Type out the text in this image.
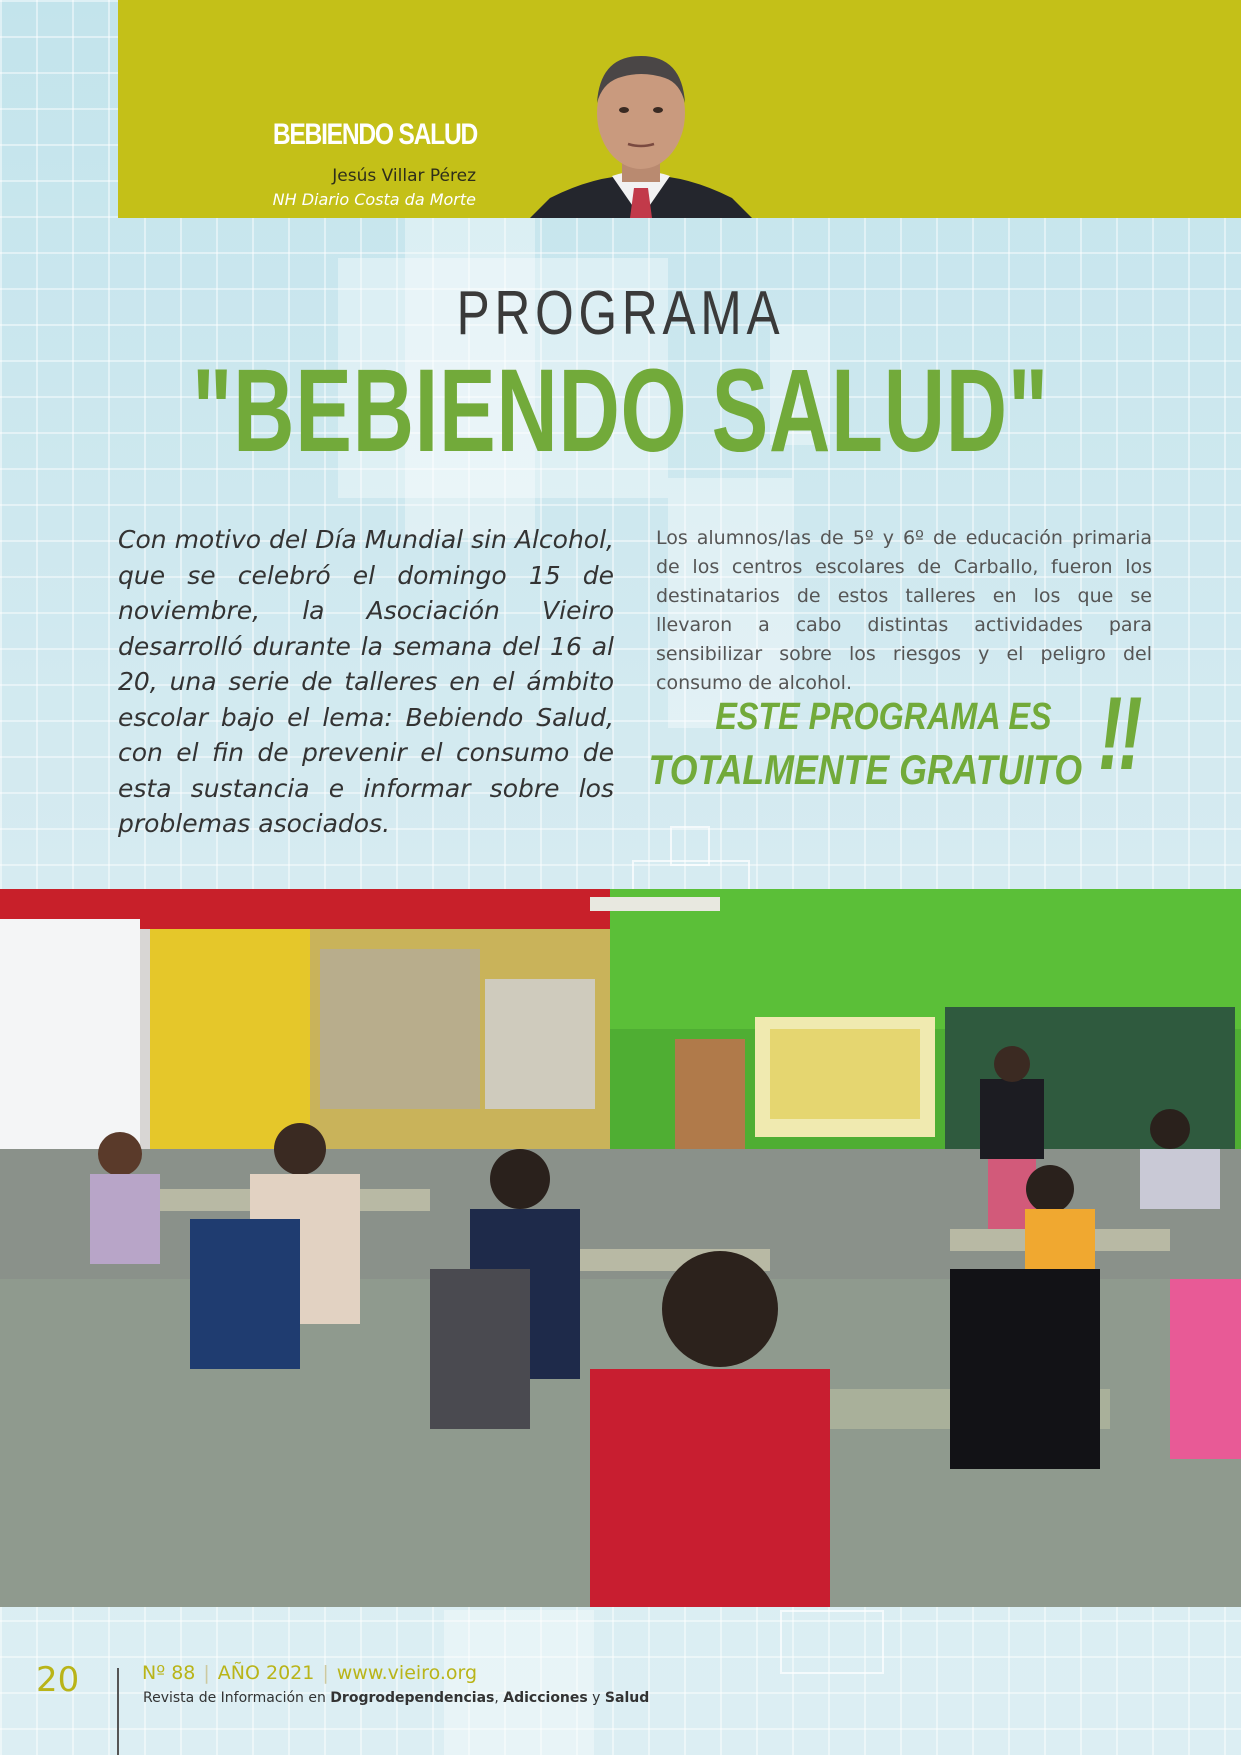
BEBIENDO SALUD
Jesús Villar Pérez
NH Diario Costa da Morte
PROGRAMA
"BEBIENDO SALUD"

Con motivo del Día Mundial sin Alcohol, que se celebró el domingo 15 de noviembre, la Asociación Vieiro desarrolló durante la semana del 16 al 20, una serie de talleres en el ámbito escolar bajo el lema: Bebiendo Salud, con el fin de prevenir el consumo de esta sustancia e informar sobre los problemas asociados.

Los alumnos/las de 5º y 6º de educación primaria de los centros escolares de Carballo, fueron los destinatarios de estos talleres en los que se llevaron a cabo distintas actividades para sensibilizar sobre los riesgos y el peligro del consumo de alcohol.

ESTE PROGRAMA ES
TOTALMENTE GRATUITO !!
20	Nº 88 | AÑO 2021 | www.vieiro.org
Revista de Información en Drogrodependencias, Adicciones y Salud
